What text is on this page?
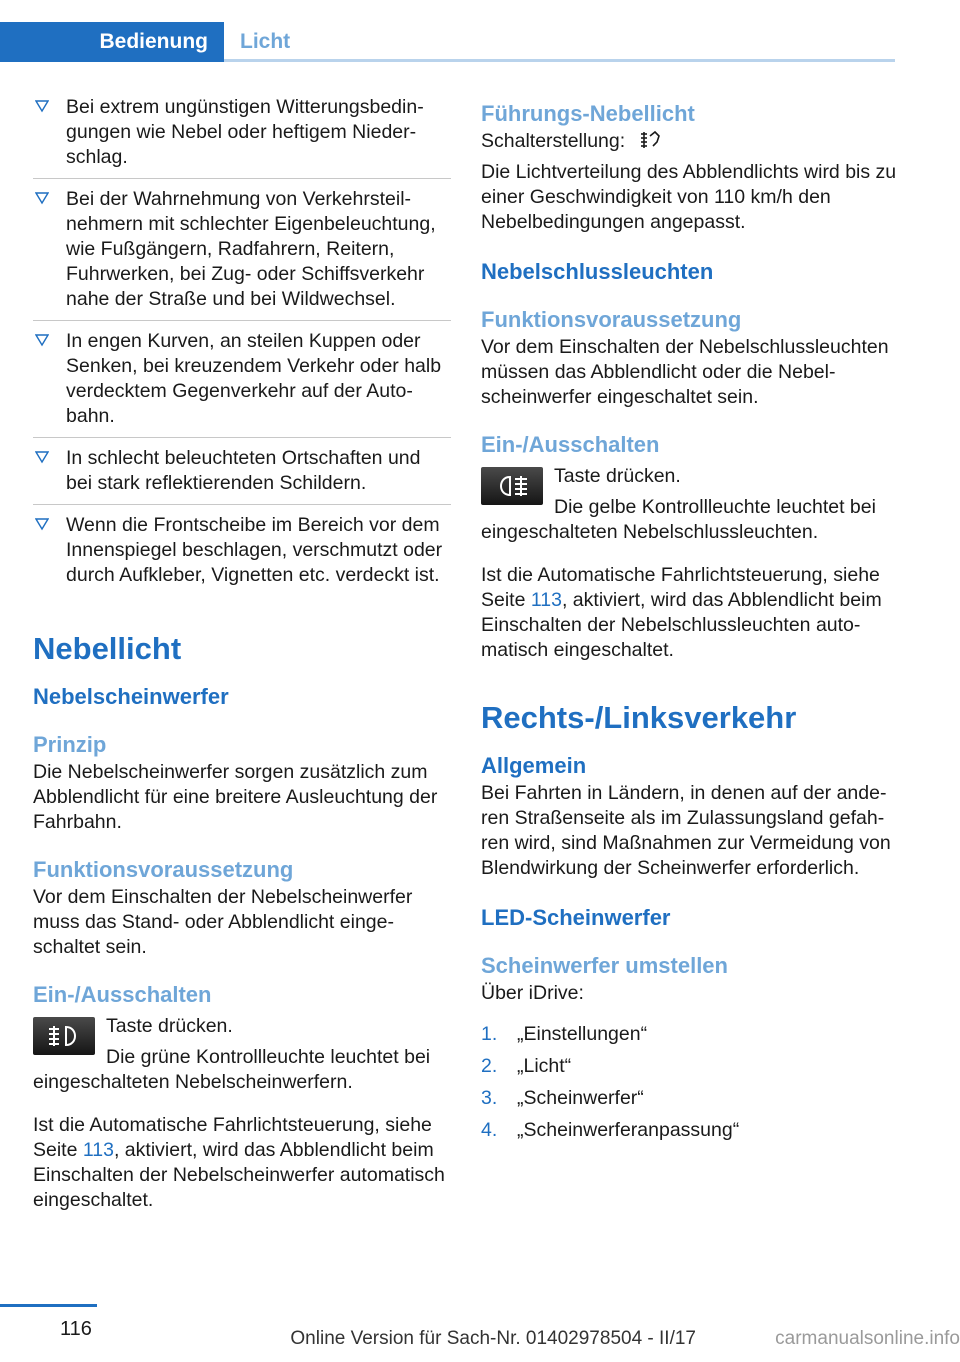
Bedienung	Licht
Bei extrem ungünstigen Witterungsbedingungen wie Nebel oder heftigem Niederschlag.
Bei der Wahrnehmung von Verkehrsteilnehmern mit schlechter Eigenbeleuchtung, wie Fußgängern, Radfahrern, Reitern, Fuhrwerken, bei Zug- oder Schiffsverkehr nahe der Straße und bei Wildwechsel.
In engen Kurven, an steilen Kuppen oder Senken, bei kreuzendem Verkehr oder halb verdecktem Gegenverkehr auf der Autobahn.
In schlecht beleuchteten Ortschaften und bei stark reflektierenden Schildern.
Wenn die Frontscheibe im Bereich vor dem Innenspiegel beschlagen, verschmutzt oder durch Aufkleber, Vignetten etc. verdeckt ist.
Nebellicht
Nebelscheinwerfer
Prinzip

Die Nebelscheinwerfer sorgen zusätzlich zum Abblendlicht für eine breitere Ausleuchtung der Fahrbahn.

Funktionsvoraussetzung

Vor dem Einschalten der Nebelscheinwerfer muss das Stand- oder Abblendlicht eingeschaltet sein.

Ein-/Ausschalten

Taste drücken.

Die grüne Kontrollleuchte leuchtet bei eingeschalteten Nebelscheinwerfern.

Ist die Automatische Fahrlichtsteuerung, siehe Seite 113, aktiviert, wird das Abblendlicht beim Einschalten der Nebelscheinwerfer automatisch eingeschaltet.

Führungs-Nebellicht

Schalterstellung:

Die Lichtverteilung des Abblendlichts wird bis zu einer Geschwindigkeit von 110 km/h den Nebelbedingungen angepasst.

Nebelschlussleuchten
Funktionsvoraussetzung

Vor dem Einschalten der Nebelschlussleuchten müssen das Abblendlicht oder die Nebelscheinwerfer eingeschaltet sein.

Ein-/Ausschalten

Taste drücken.

Die gelbe Kontrollleuchte leuchtet bei eingeschalteten Nebelschlussleuchten.

Ist die Automatische Fahrlichtsteuerung, siehe Seite 113, aktiviert, wird das Abblendlicht beim Einschalten der Nebelschlussleuchten automatisch eingeschaltet.

Rechts-/Linksverkehr
Allgemein

Bei Fahrten in Ländern, in denen auf der anderen Straßenseite als im Zulassungsland gefahren wird, sind Maßnahmen zur Vermeidung von Blendwirkung der Scheinwerfer erforderlich.

LED-Scheinwerfer
Scheinwerfer umstellen

Über iDrive:

1. „Einstellungen“
2. „Licht“
3. „Scheinwerfer“
4. „Scheinwerferanpassung“
116	Online Version für Sach-Nr. 01402978504 - II/17	carmanualsonline.info
